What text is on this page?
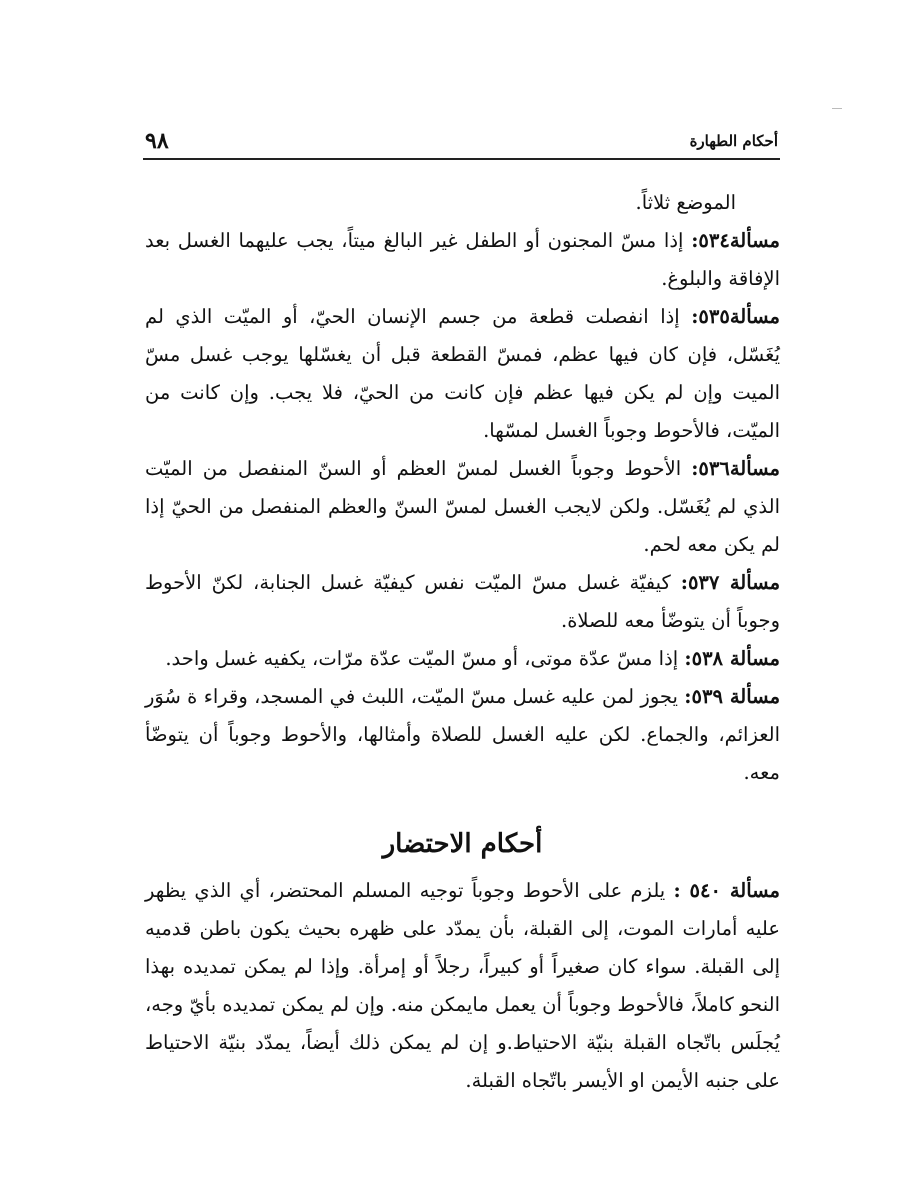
٩٨	أحكام الطهارة

الموضع ثلاثاً.

مسألة٥٣٤: إذا مسّ المجنون أو الطفل غير البالغ ميتاً، يجب عليهما الغسل بعد الإفاقة والبلوغ.

مسألة٥٣٥: إذا انفصلت قطعة من جسم الإنسان الحيّ، أو الميّت الذي لم يُغَسّل، فإن كان فيها عظم، فمسّ القطعة قبل أن يغسّلها يوجب غسل مسّ الميت وإن لم يكن فيها عظم فإن كانت من الحيّ، فلا يجب. وإن كانت من الميّت، فالأحوط وجوباً الغسل لمسّها.

مسألة٥٣٦: الأحوط وجوباً الغسل لمسّ العظم أو السنّ المنفصل من الميّت الذي لم يُغَسّل. ولكن لايجب الغسل لمسّ السنّ والعظم المنفصل من الحيّ إذا لم يكن معه لحم.

مسألة ٥٣٧: كيفيّة غسل مسّ الميّت نفس كيفيّة غسل الجنابة، لكنّ الأحوط وجوباً أن يتوضّأ معه للصلاة.

مسألة ٥٣٨: إذا مسّ عدّة موتى، أو مسّ الميّت عدّة مرّات، يكفيه غسل واحد.

مسألة ٥٣٩: يجوز لمن عليه غسل مسّ الميّت، اللبث في المسجد، وقراء ة سُوَر العزائم، والجماع. لكن عليه الغسل للصلاة وأمثالها، والأحوط وجوباً أن يتوضّأ معه.

أحكام الاحتضار

مسألة ٥٤٠ : يلزم على الأحوط وجوباً توجيه المسلم المحتضر، أي الذي يظهر عليه أمارات الموت، إلى القبلة، بأن يمدّد على ظهره بحيث يكون باطن قدميه إلى القبلة. سواء كان صغيراً أو كبيراً، رجلاً أو إمرأة. وإذا لم يمكن تمديده بهذا النحو كاملاً، فالأحوط وجوباً أن يعمل مايمكن منه. وإن لم يمكن تمديده بأيّ وجه، يُجلَس باتّجاه القبلة بنيّة الاحتياط.و إن لم يمكن ذلك أيضاً، يمدّد بنيّة الاحتياط على جنبه الأيمن او الأيسر باتّجاه القبلة.
